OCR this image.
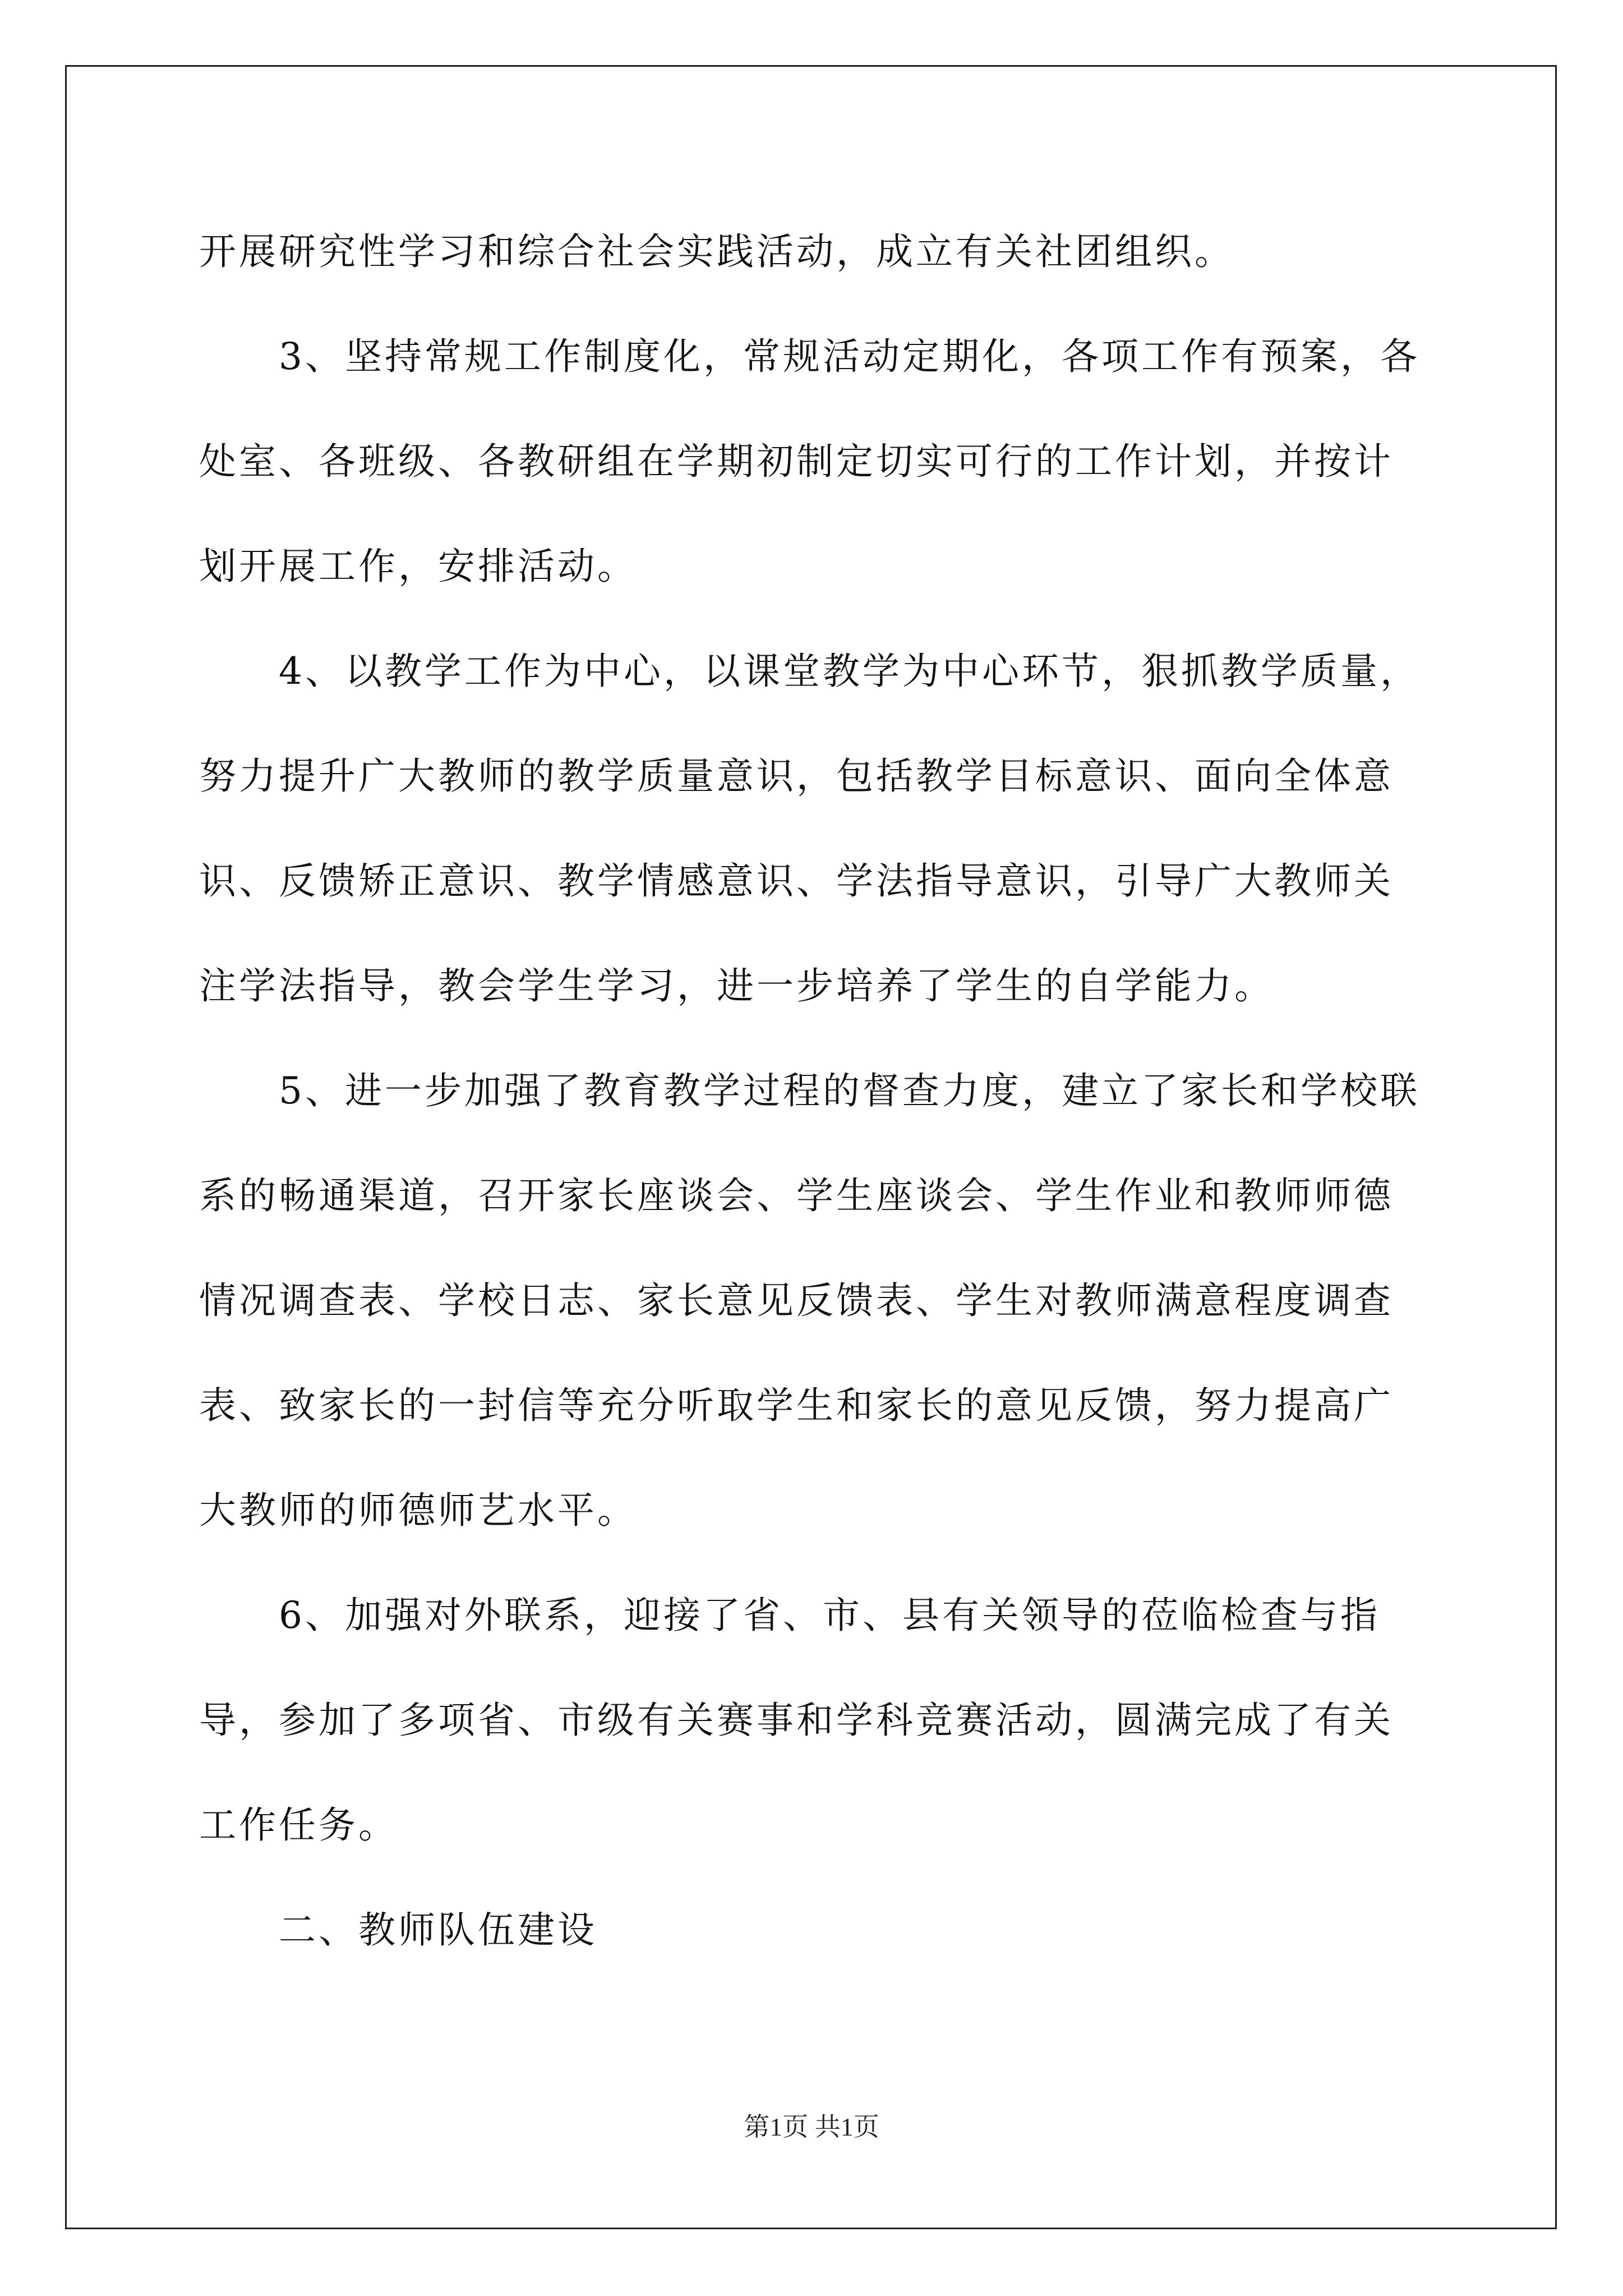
开展研究性学习和综合社会实践活动，成立有关社团组织。

3、坚持常规工作制度化，常规活动定期化，各项工作有预案，各处室、各班级、各教研组在学期初制定切实可行的工作计划，并按计划开展工作，安排活动。

4、以教学工作为中心，以课堂教学为中心环节，狠抓教学质量，努力提升广大教师的教学质量意识，包括教学目标意识、面向全体意识、反馈矫正意识、教学情感意识、学法指导意识，引导广大教师关注学法指导，教会学生学习，进一步培养了学生的自学能力。

5、进一步加强了教育教学过程的督查力度，建立了家长和学校联系的畅通渠道，召开家长座谈会、学生座谈会、学生作业和教师师德情况调查表、学校日志、家长意见反馈表、学生对教师满意程度调查表、致家长的一封信等充分听取学生和家长的意见反馈，努力提高广大教师的师德师艺水平。

6、加强对外联系，迎接了省、市、县有关领导的莅临检查与指导，参加了多项省、市级有关赛事和学科竞赛活动，圆满完成了有关工作任务。

二、教师队伍建设

第1页 共1页
